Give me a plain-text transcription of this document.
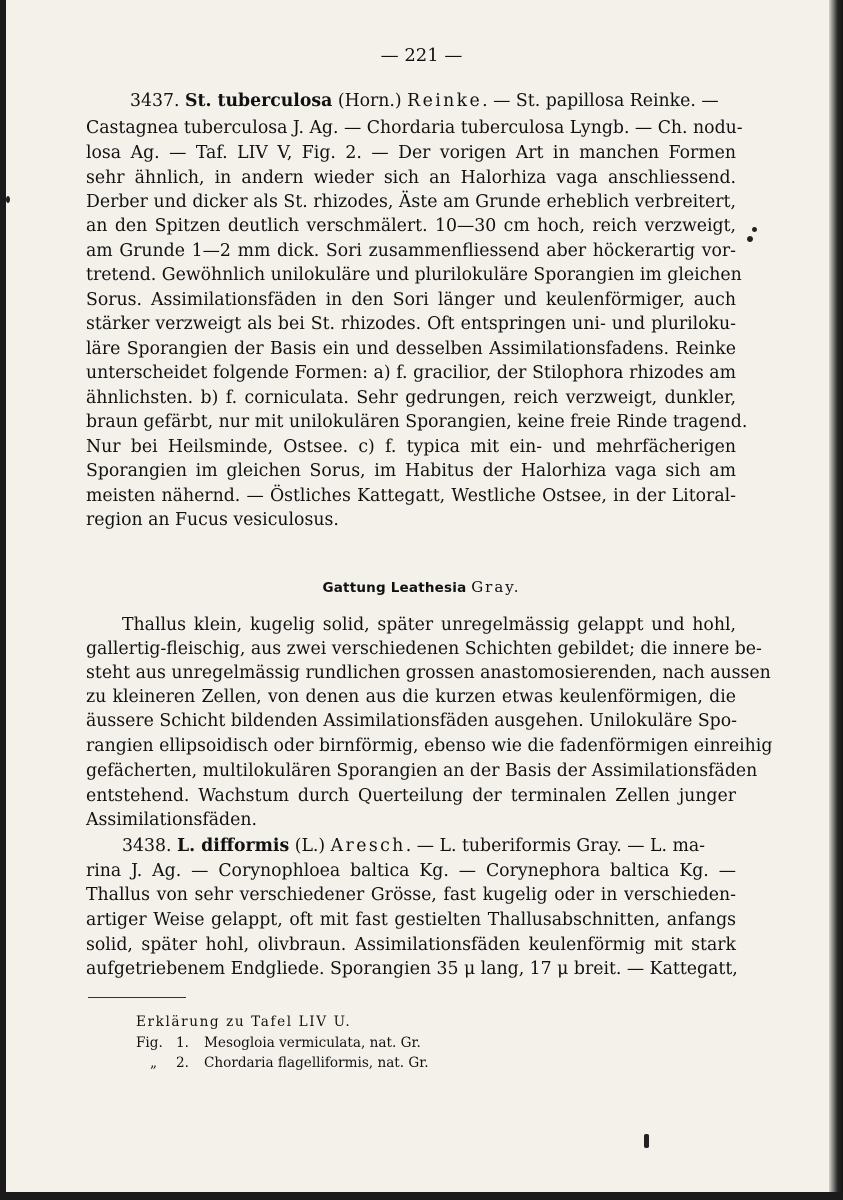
— 221 —
3437. St. tuberculosa (Horn.) Reinke. — St. papillosa Reinke. —
Castagnea tuberculosa J. Ag. — Chordaria tuberculosa Lyngb. — Ch. nodu-
losa Ag. — Taf. LIV V, Fig. 2. — Der vorigen Art in manchen Formen
sehr ähnlich, in andern wieder sich an Halorhiza vaga anschliessend.
Derber und dicker als St. rhizodes, Äste am Grunde erheblich verbreitert,
an den Spitzen deutlich verschmälert. 10—30 cm hoch, reich verzweigt,
am Grunde 1—2 mm dick. Sori zusammenfliessend aber höckerartig vor-
tretend. Gewöhnlich unilokuläre und plurilokuläre Sporangien im gleichen
Sorus. Assimilationsfäden in den Sori länger und keulenförmiger, auch
stärker verzweigt als bei St. rhizodes. Oft entspringen uni- und pluriloku-
läre Sporangien der Basis ein und desselben Assimilationsfadens. Reinke
unterscheidet folgende Formen: a) f. gracilior, der Stilophora rhizodes am
ähnlichsten. b) f. corniculata. Sehr gedrungen, reich verzweigt, dunkler,
braun gefärbt, nur mit unilokulären Sporangien, keine freie Rinde tragend.
Nur bei Heilsminde, Ostsee. c) f. typica mit ein- und mehrfächerigen
Sporangien im gleichen Sorus, im Habitus der Halorhiza vaga sich am
meisten nähernd. — Östliches Kattegatt, Westliche Ostsee, in der Litoral-
region an Fucus vesiculosus.
Gattung Leathesia Gray.
Thallus klein, kugelig solid, später unregelmässig gelappt und hohl,
gallertig-fleischig, aus zwei verschiedenen Schichten gebildet; die innere be-
steht aus unregelmässig rundlichen grossen anastomosierenden, nach aussen
zu kleineren Zellen, von denen aus die kurzen etwas keulenförmigen, die
äussere Schicht bildenden Assimilationsfäden ausgehen. Unilokuläre Spo-
rangien ellipsoidisch oder birnförmig, ebenso wie die fadenförmigen einreihig
gefächerten, multilokulären Sporangien an der Basis der Assimilationsfäden
entstehend. Wachstum durch Querteilung der terminalen Zellen junger
Assimilationsfäden.
3438. L. difformis (L.) Aresch. — L. tuberiformis Gray. — L. ma-
rina J. Ag. — Corynophloea baltica Kg. — Corynephora baltica Kg. —
Thallus von sehr verschiedener Grösse, fast kugelig oder in verschieden-
artiger Weise gelappt, oft mit fast gestielten Thallusabschnitten, anfangs
solid, später hohl, olivbraun. Assimilationsfäden keulenförmig mit stark
aufgetriebenem Endgliede. Sporangien 35 μ lang, 17 μ breit. — Kattegatt,
Erklärung zu Tafel LIV U.
Fig. 1. Mesogloia vermiculata, nat. Gr.
„ 2. Chordaria flagelliformis, nat. Gr.
